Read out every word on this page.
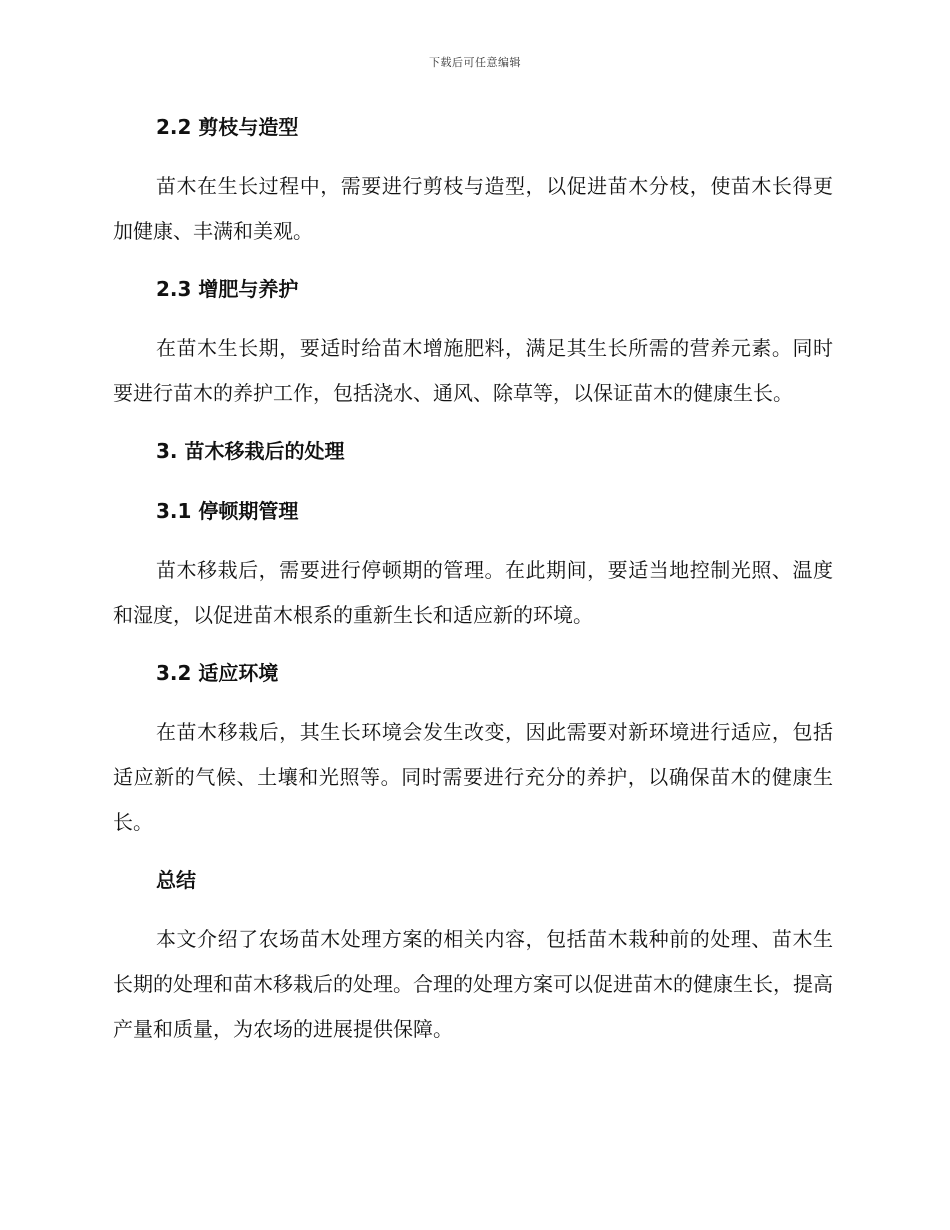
下载后可任意编辑
2.2 剪枝与造型

苗木在生长过程中，需要进行剪枝与造型，以促进苗木分枝，使苗木长得更加健康、丰满和美观。

2.3 增肥与养护

在苗木生长期，要适时给苗木增施肥料，满足其生长所需的营养元素。同时要进行苗木的养护工作，包括浇水、通风、除草等，以保证苗木的健康生长。

3. 苗木移栽后的处理
3.1 停顿期管理

苗木移栽后，需要进行停顿期的管理。在此期间，要适当地控制光照、温度和湿度，以促进苗木根系的重新生长和适应新的环境。

3.2 适应环境

在苗木移栽后，其生长环境会发生改变，因此需要对新环境进行适应，包括适应新的气候、土壤和光照等。同时需要进行充分的养护，以确保苗木的健康生长。

总结

本文介绍了农场苗木处理方案的相关内容，包括苗木栽种前的处理、苗木生长期的处理和苗木移栽后的处理。合理的处理方案可以促进苗木的健康生长，提高产量和质量，为农场的进展提供保障。
